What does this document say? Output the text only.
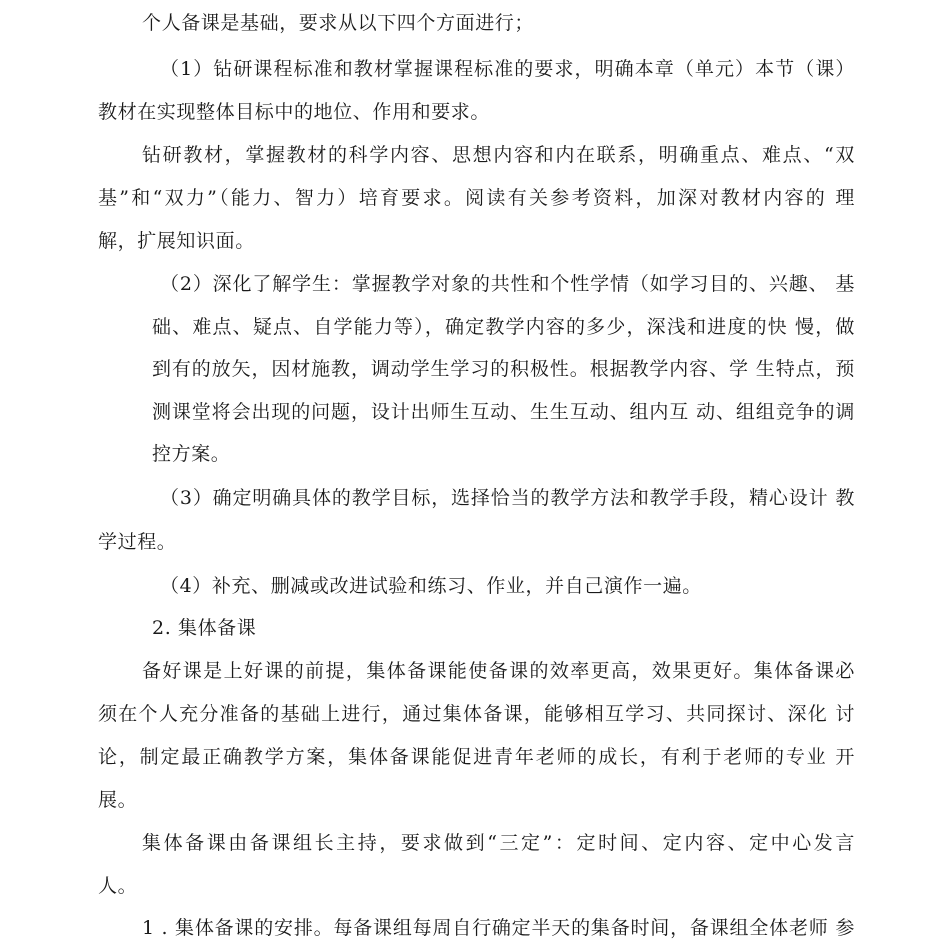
个人备课是基础，要求从以下四个方面进行；
（1）钻研课程标准和教材掌握课程标准的要求，明确本章（单元）本节（课）
教材在实现整体目标中的地位、作用和要求。
钻研教材，掌握教材的科学内容、思想内容和内在联系，明确重点、难点、“双
基”和“双力”（能力、智力）培育要求。阅读有关参考资料，加深对教材内容的 理
解，扩展知识面。
（2）深化了解学生：掌握教学对象的共性和个性学情（如学习目的、兴趣、 基
础、难点、疑点、自学能力等），确定教学内容的多少，深浅和进度的快 慢，做
到有的放矢，因材施教，调动学生学习的积极性。根据教学内容、学 生特点，预
测课堂将会出现的问题，设计出师生互动、生生互动、组内互 动、组组竞争的调
控方案。
（3）确定明确具体的教学目标，选择恰当的教学方法和教学手段，精心设计 教
学过程。
（4）补充、删减或改进试验和练习、作业，并自己演作一遍。
2. 集体备课
备好课是上好课的前提，集体备课能使备课的效率更高，效果更好。集体备课必
须在个人充分准备的基础上进行，通过集体备课，能够相互学习、共同探讨、深化 讨
论，制定最正确教学方案，集体备课能促进青年老师的成长，有利于老师的专业 开
展。
集体备课由备课组长主持，要求做到“三定”：定时间、定内容、定中心发言
人。
1 . 集体备课的安排。每备课组每周自行确定半天的集备时间，备课组全体老师 参
